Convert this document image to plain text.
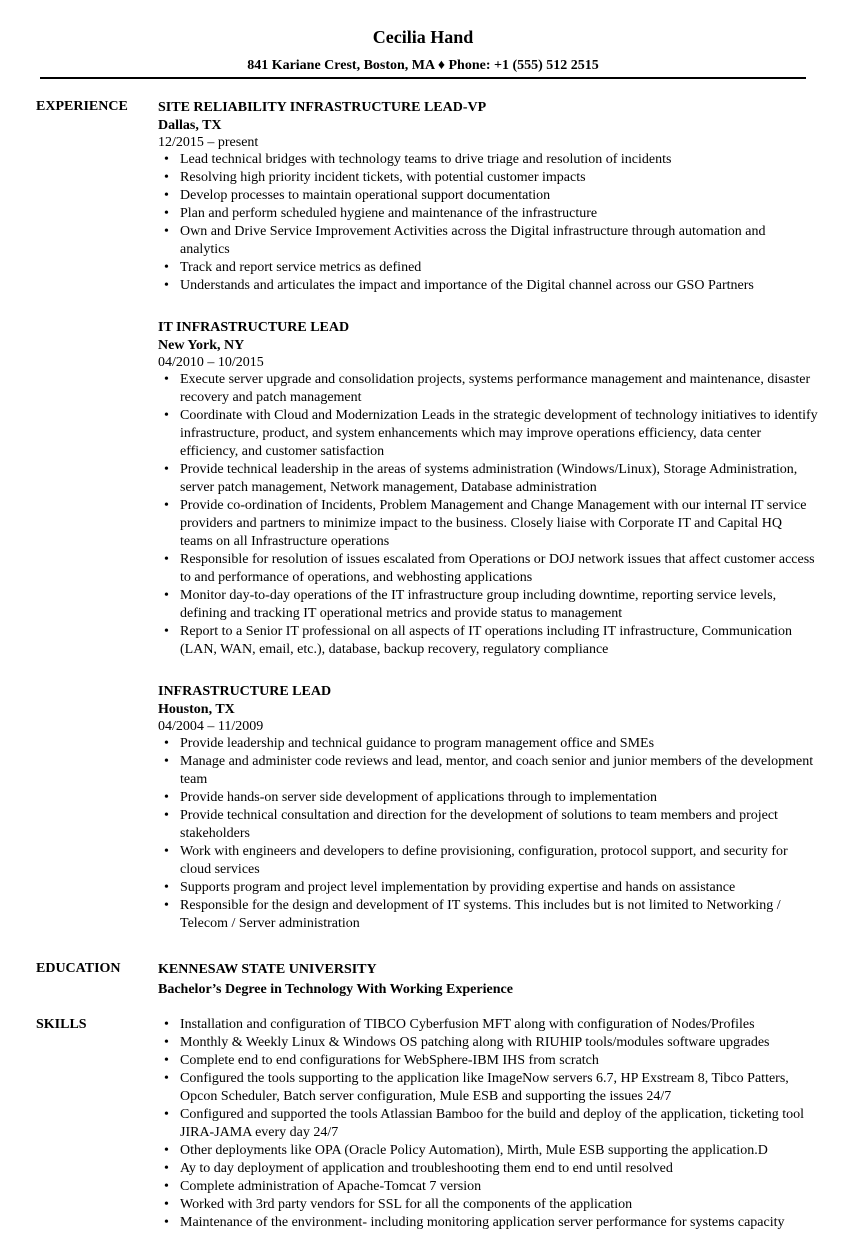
Cecilia Hand
841 Kariane Crest, Boston, MA ♦ Phone: +1 (555) 512 2515
EXPERIENCE SITE RELIABILITY INFRASTRUCTURE LEAD-VP
Dallas, TX
12/2015 – present
• Lead technical bridges with technology teams to drive triage and resolution of incidents
• Resolving high priority incident tickets, with potential customer impacts
• Develop processes to maintain operational support documentation
• Plan and perform scheduled hygiene and maintenance of the infrastructure
• Own and Drive Service Improvement Activities across the Digital infrastructure through automation and analytics
• Track and report service metrics as defined
• Understands and articulates the impact and importance of the Digital channel across our GSO Partners
IT INFRASTRUCTURE LEAD
New York, NY
04/2010 – 10/2015
• Execute server upgrade and consolidation projects, systems performance management and maintenance, disaster recovery and patch management
• Coordinate with Cloud and Modernization Leads in the strategic development of technology initiatives to identify infrastructure, product, and system enhancements which may improve operations efficiency, data center efficiency, and customer satisfaction
• Provide technical leadership in the areas of systems administration (Windows/Linux), Storage Administration, server patch management, Network management, Database administration
• Provide co-ordination of Incidents, Problem Management and Change Management with our internal IT service providers and partners to minimize impact to the business. Closely liaise with Corporate IT and Capital HQ teams on all Infrastructure operations
• Responsible for resolution of issues escalated from Operations or DOJ network issues that affect customer access to and performance of operations, and webhosting applications
• Monitor day-to-day operations of the IT infrastructure group including downtime, reporting service levels, defining and tracking IT operational metrics and provide status to management
• Report to a Senior IT professional on all aspects of IT operations including IT infrastructure, Communication (LAN, WAN, email, etc.), database, backup recovery, regulatory compliance
INFRASTRUCTURE LEAD
Houston, TX
04/2004 – 11/2009
• Provide leadership and technical guidance to program management office and SMEs
• Manage and administer code reviews and lead, mentor, and coach senior and junior members of the development team
• Provide hands-on server side development of applications through to implementation
• Provide technical consultation and direction for the development of solutions to team members and project stakeholders
• Work with engineers and developers to define provisioning, configuration, protocol support, and security for cloud services
• Supports program and project level implementation by providing expertise and hands on assistance
• Responsible for the design and development of IT systems. This includes but is not limited to Networking / Telecom / Server administration
EDUCATION	KENNESAW STATE UNIVERSITY
Bachelor’s Degree in Technology With Working Experience
SKILLS
•	Installation and configuration of TIBCO Cyberfusion MFT along with configuration of Nodes/Profiles
• Monthly & Weekly Linux & Windows OS patching along with RIUHIP tools/modules software upgrades
• Complete end to end configurations for WebSphere-IBM IHS from scratch
• Configured the tools supporting to the application like ImageNow servers 6.7, HP Exstream 8, Tibco Patters, Opcon Scheduler, Batch server configuration, Mule ESB and supporting the issues 24/7
• Configured and supported the tools Atlassian Bamboo for the build and deploy of the application, ticketing tool JIRA-JAMA every day 24/7
• Other deployments like OPA (Oracle Policy Automation), Mirth, Mule ESB supporting the application.D
• Ay to day deployment of application and troubleshooting them end to end until resolved
• Complete administration of Apache-Tomcat 7 version
• Worked with 3rd party vendors for SSL for all the components of the application
• Maintenance of the environment- including monitoring application server performance for systems capacity
